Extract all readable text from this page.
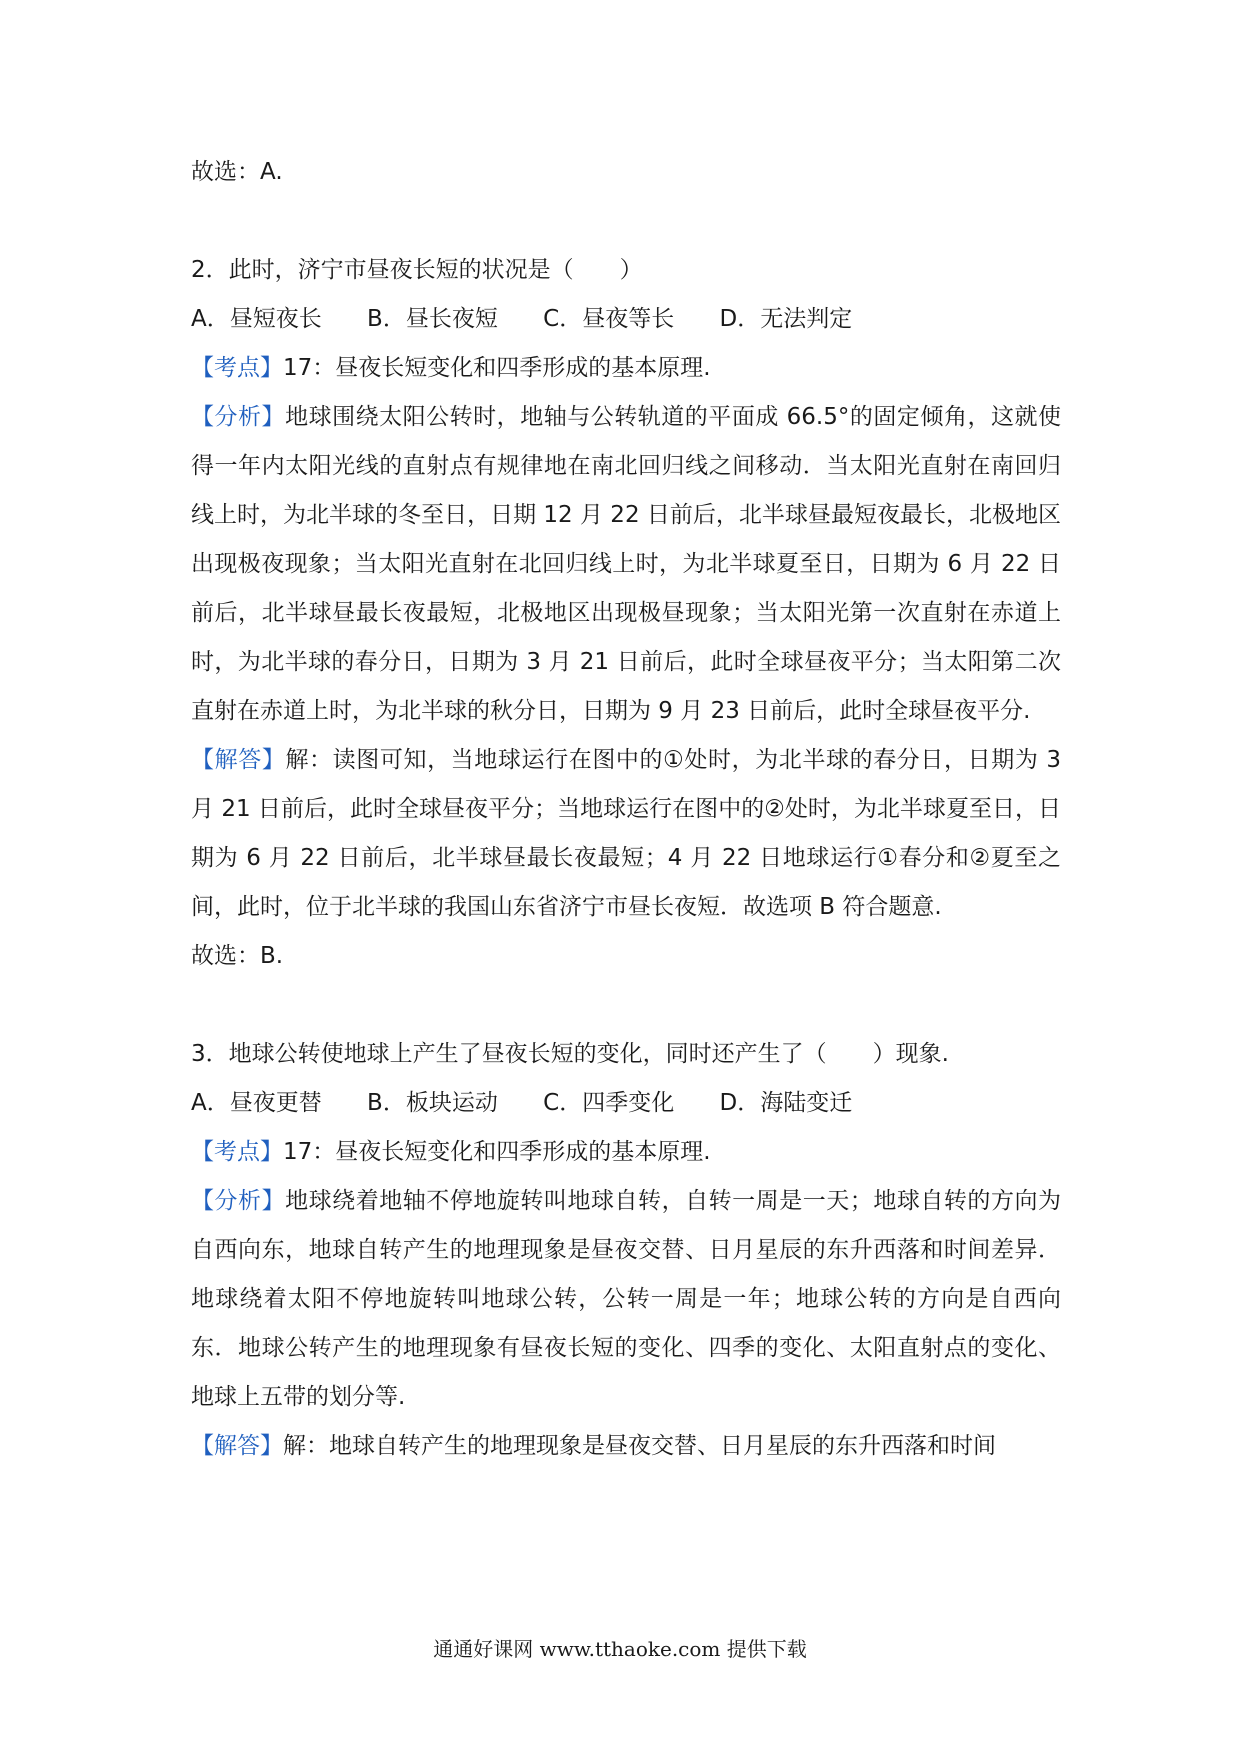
故选：A.
2．此时，济宁市昼夜长短的状况是（　　）
A．昼短夜长 B．昼长夜短 C．昼夜等长 D．无法判定
【考点】17：昼夜长短变化和四季形成的基本原理.
【分析】地球围绕太阳公转时，地轴与公转轨道的平面成 66.5°的固定倾角，这就使得一年内太阳光线的直射点有规律地在南北回归线之间移动．当太阳光直射在南回归线上时，为北半球的冬至日，日期 12 月 22 日前后，北半球昼最短夜最长，北极地区出现极夜现象；当太阳光直射在北回归线上时，为北半球夏至日，日期为 6 月 22 日前后，北半球昼最长夜最短，北极地区出现极昼现象；当太阳光第一次直射在赤道上时，为北半球的春分日，日期为 3 月 21 日前后，此时全球昼夜平分；当太阳第二次直射在赤道上时，为北半球的秋分日，日期为 9 月 23 日前后，此时全球昼夜平分.
【解答】解：读图可知，当地球运行在图中的①处时，为北半球的春分日，日期为 3 月 21 日前后，此时全球昼夜平分；当地球运行在图中的②处时，为北半球夏至日，日期为 6 月 22 日前后，北半球昼最长夜最短；4 月 22 日地球运行①春分和②夏至之间，此时，位于北半球的我国山东省济宁市昼长夜短．故选项 B 符合题意.
故选：B.
3．地球公转使地球上产生了昼夜长短的变化，同时还产生了（　　）现象.
A．昼夜更替 B．板块运动 C．四季变化 D．海陆变迁
【考点】17：昼夜长短变化和四季形成的基本原理.
【分析】地球绕着地轴不停地旋转叫地球自转，自转一周是一天；地球自转的方向为自西向东，地球自转产生的地理现象是昼夜交替、日月星辰的东升西落和时间差异．地球绕着太阳不停地旋转叫地球公转，公转一周是一年；地球公转的方向是自西向东．地球公转产生的地理现象有昼夜长短的变化、四季的变化、太阳直射点的变化、地球上五带的划分等.
【解答】解：地球自转产生的地理现象是昼夜交替、日月星辰的东升西落和时间
通通好课网 www.tthaoke.com 提供下载
